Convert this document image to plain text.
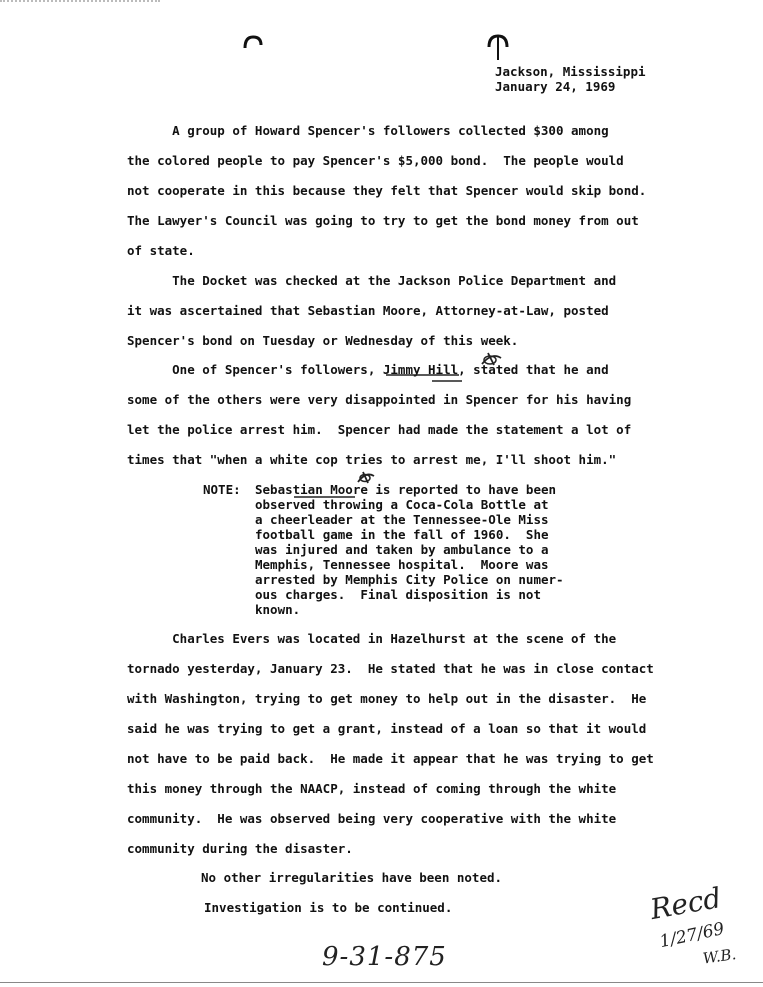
Jackson, Mississippi
January 24, 1969
A group of Howard Spencer's followers collected $300 among
the colored people to pay Spencer's $5,000 bond.  The people would
not cooperate in this because they felt that Spencer would skip bond.
The Lawyer's Council was going to try to get the bond money from out
of state.
The Docket was checked at the Jackson Police Department and
it was ascertained that Sebastian Moore, Attorney-at-Law, posted
Spencer's bond on Tuesday or Wednesday of this week.
One of Spencer's followers, Jimmy Hill, stated that he and
some of the others were very disappointed in Spencer for his having
let the police arrest him.  Spencer had made the statement a lot of
times that "when a white cop tries to arrest me, I'll shoot him."
NOTE: Sebastian Moore is reported to have been
observed throwing a Coca-Cola Bottle at
a cheerleader at the Tennessee-Ole Miss
football game in the fall of 1960.  She
was injured and taken by ambulance to a
Memphis, Tennessee hospital.  Moore was
arrested by Memphis City Police on numer-
ous charges.  Final disposition is not
known.
Charles Evers was located in Hazelhurst at the scene of the
tornado yesterday, January 23.  He stated that he was in close contact
with Washington, trying to get money to help out in the disaster.  He
said he was trying to get a grant, instead of a loan so that it would
not have to be paid back.  He made it appear that he was trying to get
this money through the NAACP, instead of coming through the white
community.  He was observed being very cooperative with the white
community during the disaster.
No other irregularities have been noted.
Investigation is to be continued.
9-31-875
Recd
1/27/69
W.B.
